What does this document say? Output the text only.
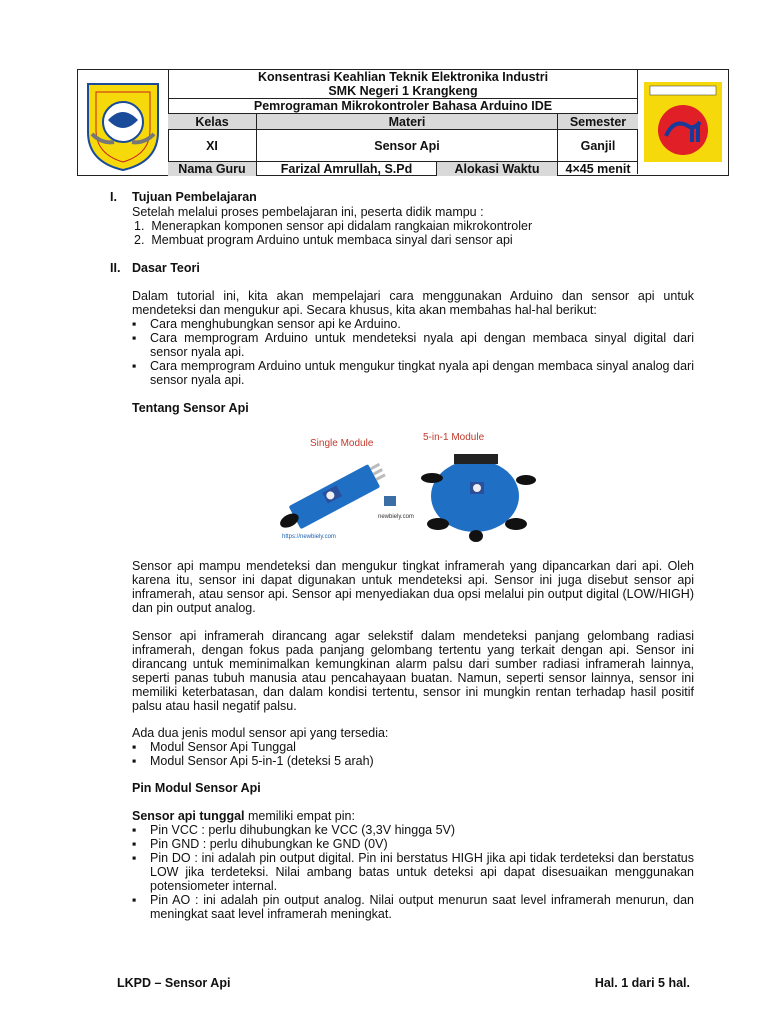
Konsentrasi Keahlian Teknik Elektronika Industri
SMK Negeri 1 Krangkeng
Pemrograman Mikrokontroler Bahasa Arduino IDE
Kelas	Materi	Semester
XI	Sensor Api	Ganjil
Nama Guru	Farizal Amrullah, S.Pd	Alokasi Waktu	4×45 menit
I. Tujuan Pembelajaran
Setelah melalui proses pembelajaran ini, peserta didik mampu :
1. Menerapkan komponen sensor api didalam rangkaian mikrokontroler
2. Membuat program Arduino untuk membaca sinyal dari sensor api
II. Dasar Teori
Dalam tutorial ini, kita akan mempelajari cara menggunakan Arduino dan sensor api untuk mendeteksi dan mengukur api. Secara khusus, kita akan membahas hal-hal berikut:
▪ Cara menghubungkan sensor api ke Arduino.
▪ Cara memprogram Arduino untuk mendeteksi nyala api dengan membaca sinyal digital dari sensor nyala api.
▪ Cara memprogram Arduino untuk mengukur tingkat nyala api dengan membaca sinyal analog dari sensor nyala api.
Tentang Sensor Api
Single Module
5-in-1 Module
newbiely.com
https://newbiely.com
Sensor api mampu mendeteksi dan mengukur tingkat inframerah yang dipancarkan dari api. Oleh karena itu, sensor ini dapat digunakan untuk mendeteksi api. Sensor ini juga disebut sensor api inframerah, atau sensor api. Sensor api menyediakan dua opsi melalui pin output digital (LOW/HIGH) dan pin output analog.
Sensor api inframerah dirancang agar selekstif dalam mendeteksi panjang gelombang radiasi inframerah, dengan fokus pada panjang gelombang tertentu yang terkait dengan api. Sensor ini dirancang untuk meminimalkan kemungkinan alarm palsu dari sumber radiasi inframerah lainnya, seperti panas tubuh manusia atau pencahayaan buatan. Namun, seperti sensor lainnya, sensor ini memiliki keterbatasan, dan dalam kondisi tertentu, sensor ini mungkin rentan terhadap hasil positif palsu atau hasil negatif palsu.
Ada dua jenis modul sensor api yang tersedia:
▪ Modul Sensor Api Tunggal
▪ Modul Sensor Api 5-in-1 (deteksi 5 arah)
Pin Modul Sensor Api
Sensor api tunggal memiliki empat pin:
▪ Pin VCC : perlu dihubungkan ke VCC (3,3V hingga 5V)
▪ Pin GND : perlu dihubungkan ke GND (0V)
▪ Pin DO : ini adalah pin output digital. Pin ini berstatus HIGH jika api tidak terdeteksi dan berstatus LOW jika terdeteksi. Nilai ambang batas untuk deteksi api dapat disesuaikan menggunakan potensiometer internal.
▪ Pin AO : ini adalah pin output analog. Nilai output menurun saat level inframerah menurun, dan meningkat saat level inframerah meningkat.
LKPD – Sensor Api	Hal. 1 dari 5 hal.
